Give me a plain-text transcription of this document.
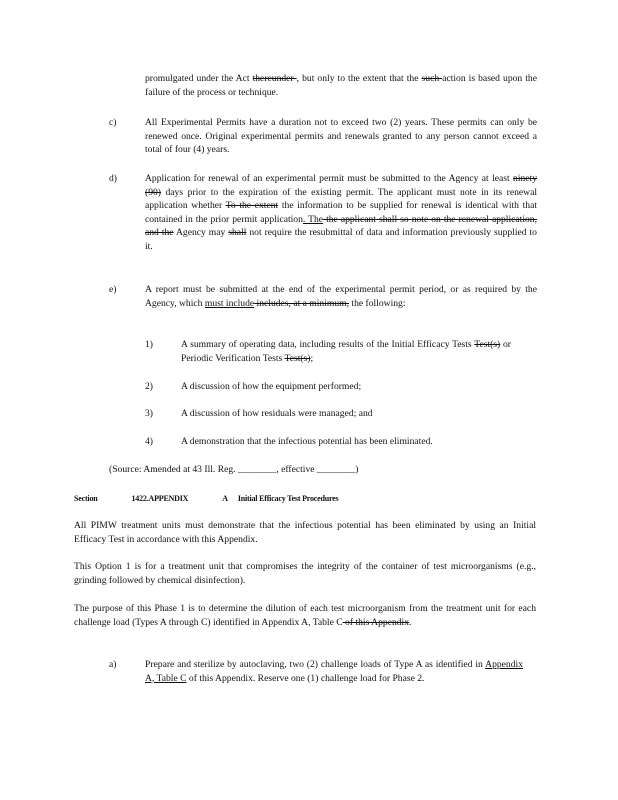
promulgated under the Act thereunder , but only to the extent that the such action is based upon the failure of the process or technique.

c)	All Experimental Permits have a duration not to exceed two (2) years. These permits can only be renewed once. Original experimental permits and renewals granted to any person cannot exceed a total of four (4) years.

d)	Application for renewal of an experimental permit must be submitted to the Agency at least ninety (90) days prior to the expiration of the existing permit. The applicant must note in its renewal application whether To the extent the information to be supplied for renewal is identical with that contained in the prior permit application. The the applicant shall so note on the renewal application, and the Agency may shall not require the resubmittal of data and information previously supplied to it.

e)	A report must be submitted at the end of the experimental permit period, or as required by the Agency, which must include includes, at a minimum, the following:

1)	A summary of operating data, including results of the Initial Efficacy Tests Test(s) or Periodic Verification Tests Test(s);

2)	A discussion of how the equipment performed;

3)	A discussion of how residuals were managed; and

4)	A demonstration that the infectious potential has been eliminated.

(Source: Amended at 43 Ill. Reg. ________, effective ________)

Section	1422.APPENDIX	A Initial Efficacy Test Procedures

All PIMW treatment units must demonstrate that the infectious potential has been eliminated by using an Initial Efficacy Test in accordance with this Appendix.

This Option 1 is for a treatment unit that compromises the integrity of the container of test microorganisms (e.g., grinding followed by chemical disinfection).

The purpose of this Phase 1 is to determine the dilution of each test microorganism from the treatment unit for each challenge load (Types A through C) identified in Appendix A, Table C of this Appendix.

a)	Prepare and sterilize by autoclaving, two (2) challenge loads of Type A as identified in Appendix A, Table C of this Appendix. Reserve one (1) challenge load for Phase 2.
